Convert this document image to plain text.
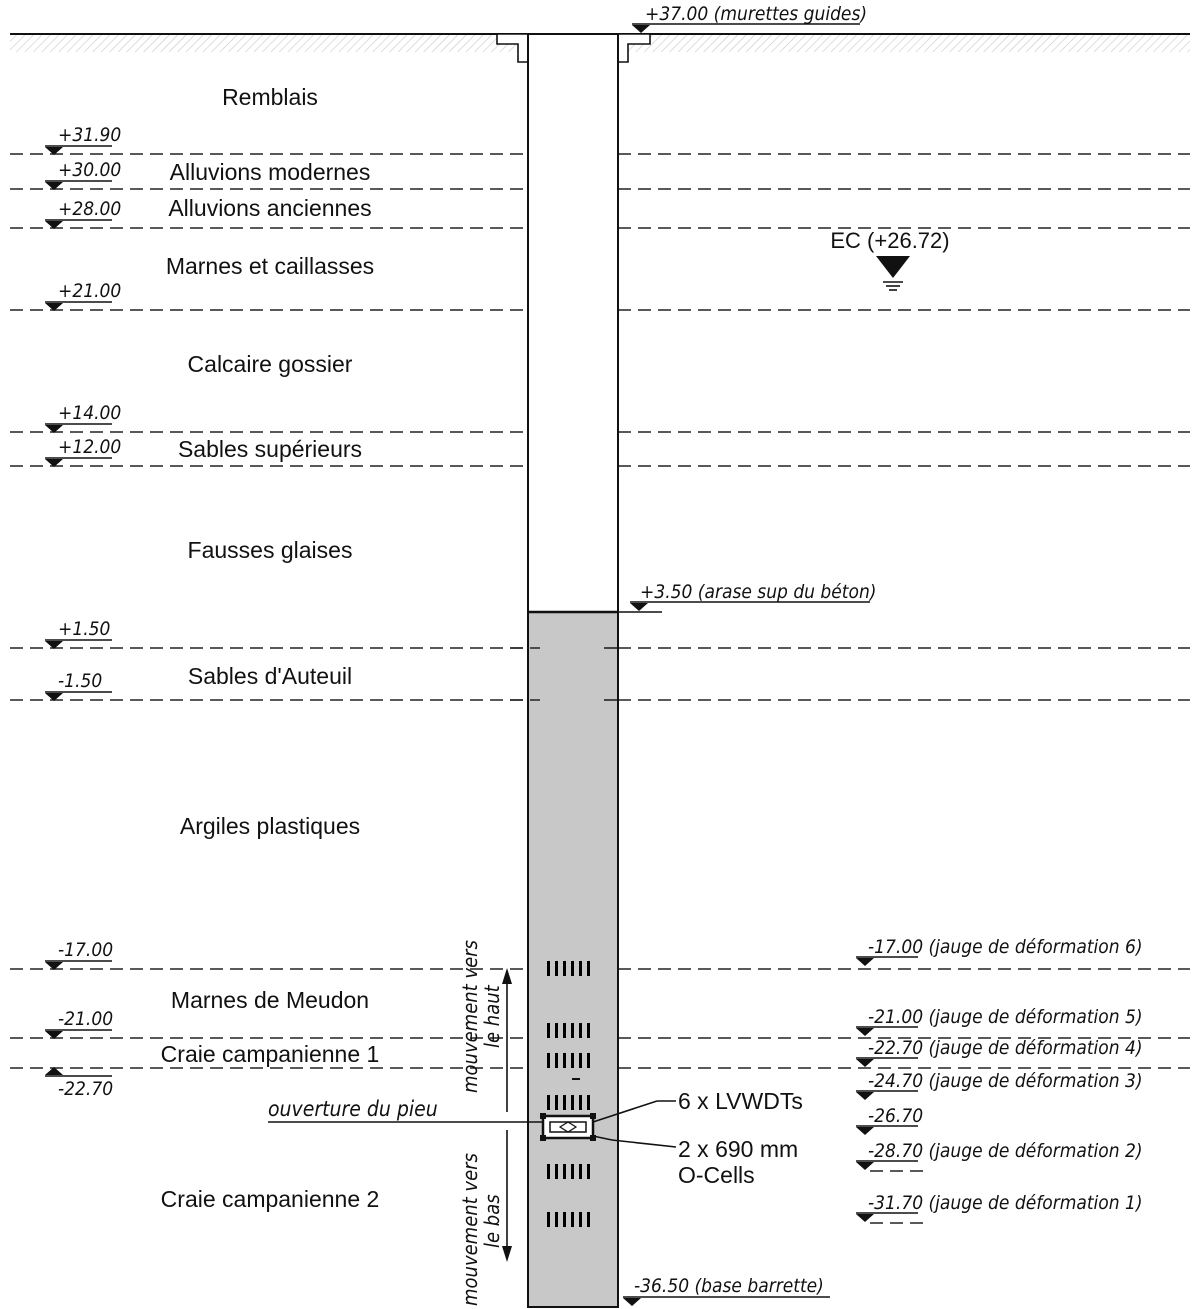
+37.00 (murettes guides)
ouverture du pieu	6 x LVWDTs
2 x 690 mm
O-Cells
mouvement vers
le haut
mouvement vers
le bas
Remblais
Alluvions modernes
Alluvions anciennes
Marnes et caillasses
Calcaire gossier
Sables supérieurs
Fausses glaises
Sables d'Auteuil
Argiles plastiques
Marnes de Meudon
Craie campanienne 1
Craie campanienne 2
+31.90
+30.00
+28.00
+21.00
+14.00
+12.00
+1.50
-1.50
-17.00
-21.00
-22.70
EC (+26.72)
+3.50 (arase sup du béton)
-36.50 (base barrette)
-17.00 (jauge de déformation 6)
-21.00 (jauge de déformation 5)
-22.70 (jauge de déformation 4)
-24.70 (jauge de déformation 3)
-26.70
-28.70 (jauge de déformation 2)
-31.70 (jauge de déformation 1)
